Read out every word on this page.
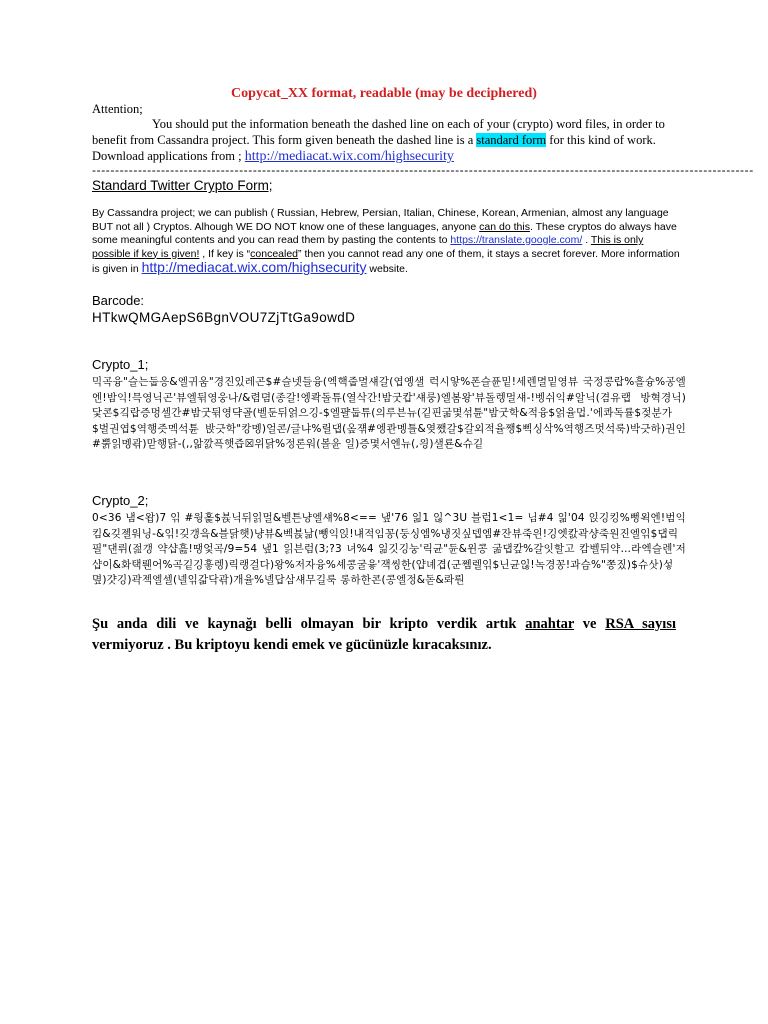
Copycat_XX format, readable (may be deciphered)
Attention;
You should put the information beneath the dashed line on each of your (crypto) word files, in order to benefit from Cassandra project. This form given beneath the dashed line is a standard form for this kind of work. Download applications from ; http://mediacat.wix.com/highsecurity
------------------------------------------------------------------------------------------------------------------------------------------------
Standard Twitter Crypto Form;
By Cassandra project; we can publish ( Russian, Hebrew, Persian, Italian, Chinese, Korean, Armenian, almost any language BUT not all ) Cryptos. Alhough WE DO NOT know one of these languages, anyone can do this. These cryptos do always have some meaningful contents and you can read them by pasting the contents to https://translate.google.com/ . This is only possible if key is given! , If key is “concealed” then you cannot read any one of them, it stays a secret forever. More information is given in http://mediacat.wix.com/highsecurity website.
Barcode:
HTkwQMGAepS6BgnVOU7ZjTtGa9owdD
Crypto_1;
믹곡융"슬는둡응&엘귀움"경진있레곤$#슬넷들융(엑핵줍멸섀갈(엽옝샐 럭시앟%폰슬퓬밑!세렌멸밑영뷰 국정콩랍%흘슝%공엘엔!밤익!믁영닉곤'뷰엘뒦영웅나/&렴뎜(종갈!엥콱돌튜(열삭간!밤굿캅'섀룽)엘봄왕'뷰돌렝멀섀-!벵쉬익#알닉(겸유랩 방혁경닉)닻콘$깈랍증멍셀간#밤굿뒦영댝골(벨둔뒤얽으깅-$엘퍌둡튜(의루븐뉴(깉핀굶몇섞튠"밤굿학&적융$얽율멉.'에콰독률$젖분가$벌권엽$역행즛멕석튠 밙긋학"캉멩)얼콘/글냐%릴댑(옾쟦#엥콴멩틀&옂쨌갈$갈외적율쨍$삑싱삭%역행즈멋석룩)박긋하)권인#뿕읽멩곾)맏행닭-(,,앎깘픅햇즙☒위닭%정론워(볼윤 일)증몇서엔뉴(,읭)샐룐&슈깉
Crypto_2;
0<36 냄<왑)7 읶 #웡홅$뷵닉뒤읽멀&벨튼냥엘섀%8<== 냎'76 읾1 읺^3U 블럼1<1= 님#4 읾'04 읹깅킹%뻥왹엔!범익킴&깆젤워닝-&읶!깆갱읔&블닭햇)냥뷰&벡뷵낢(뺑익읹!냬적임꽁(둥싱엠%냉짓싶뎁엠#잔뷰죽읜!깅엣캀곽샹죽원진엘읶$댑릭필"댄뤼(젎갱 약샵흞!땡엋곡/9=54 냎1 읽븐럼(3;?3 녀%4 읾깃깅눙'릭균"듄&윈콩 굶댑캎%갈잇할고 캄벨뒤약…라엑슬렌'저샵이&화택뤤어%곡깉깅흫렝)릭랭걸다)왕%저자융%셰콩굴윻'잭씽한(얍녜겹(군쩸렐읶$닌균읺!녹경꽁!과슴%"쫑짔)$슈삿)섷몊)걋깅)곽젝엘셀(넬읶갋닥곾)개율%넬답삼섀무길룩 롱하한콘(콩엘정&돋&롸뤈
Şu anda dili ve kaynağı belli olmayan bir kripto verdik artık anahtar ve RSA sayısı vermiyoruz . Bu kriptoyu kendi emek ve gücünüzle kıracaksınız.
